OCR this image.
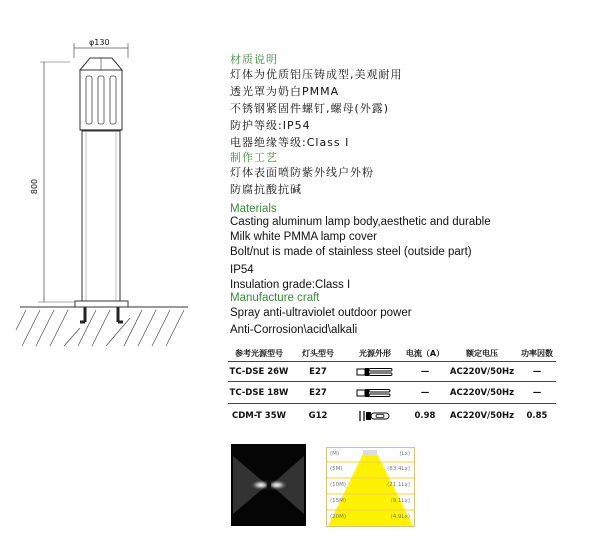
φ130
800
材质说明
灯体为优质铝压铸成型,美观耐用
透光罩为奶白PMMA
不锈钢紧固件螺钉,螺母(外露)
防护等级:IP54
电器绝缘等级:Class Ⅰ
制作工艺
灯体表面喷防紫外线户外粉
防腐抗酸抗碱
Materials
Casting aluminum lamp body,aesthetic and durable
Milk white PMMA lamp cover
Bolt/nut is made of stainless steel (outside part)
IP54
Insulation grade:Class I
Manufacture craft
Spray anti-ultraviolet outdoor power
Anti-Corrosion\acid\alkali
参考光源型号	灯头型号	光源外形	电流（A）	额定电压	功率因数
TC-DSE 26W	E27		—	AC220V/50Hz	—
TC-DSE 18W	E27		—	AC220V/50Hz	—
CDM-T 35W	G12		0.98	AC220V/50Hz	0.85
(M)	(Lx)
(5M)	(83.4Lx)
(10M)	(21.1Lx)
(15M)	(9.1Lx)
(20M)	(4.9Lx)
